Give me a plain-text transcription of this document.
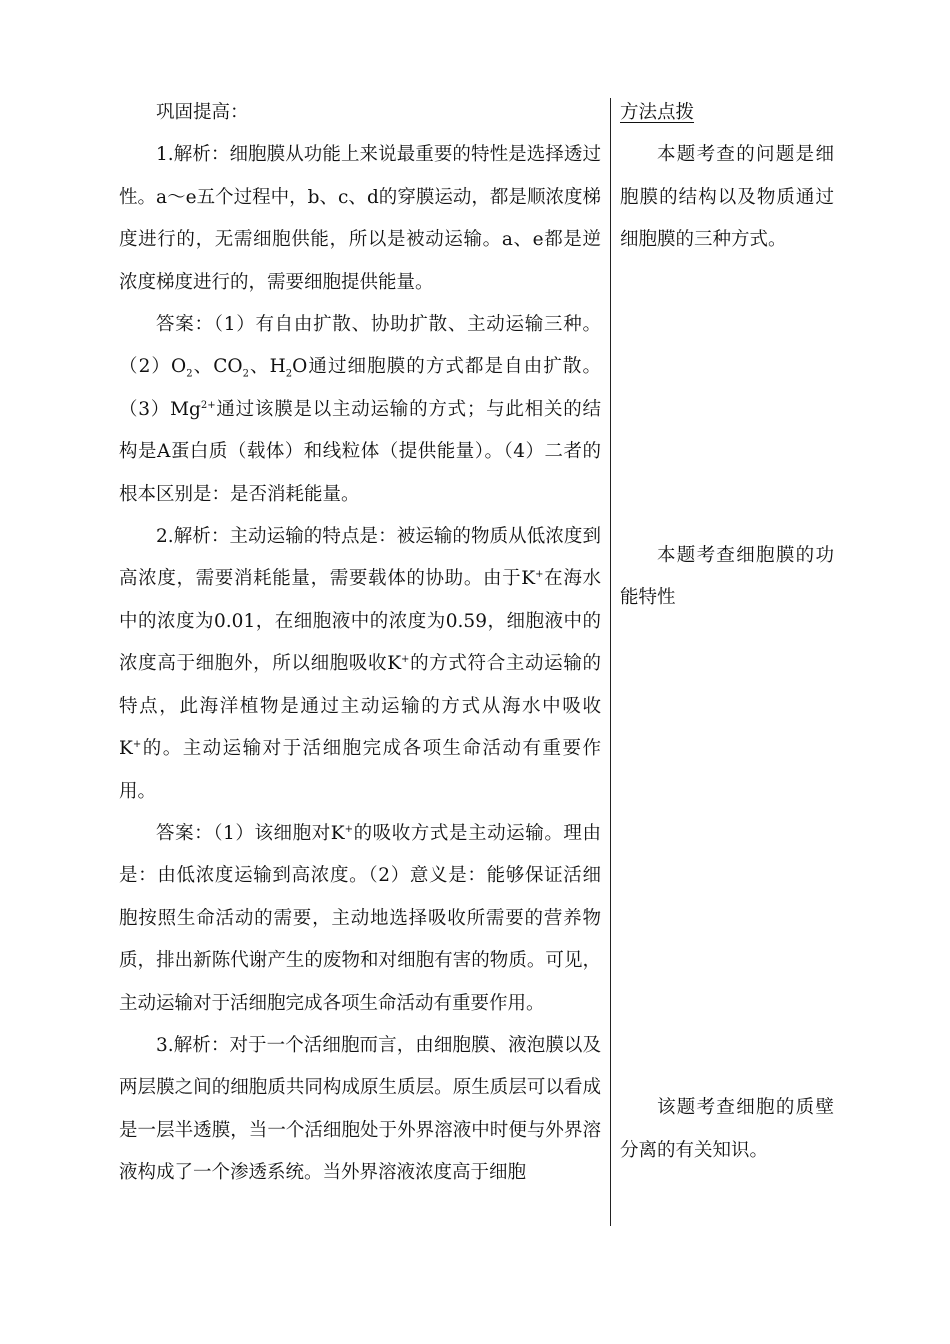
巩固提高：

1.解析：细胞膜从功能上来说最重要的特性是选择透过性。a～e五个过程中，b、c、d的穿膜运动，都是顺浓度梯度进行的，无需细胞供能，所以是被动运输。a、e都是逆浓度梯度进行的，需要细胞提供能量。

答案：（1）有自由扩散、协助扩散、主动运输三种。$(2)O_2$、$CO_2$、$H_2O$通过细胞膜的方式都是自由扩散。$(3)Mg^{2+}$通过该膜是以主动运输的方式；与此相关的结构是A蛋白质（载体）和线粒体（提供能量）。（4）二者的根本区别是：是否消耗能量。

2.解析：主动运输的特点是：被运输的物质从低浓度到高浓度，需要消耗能量，需要载体的协助。由于K+在海水中的浓度为0.01，在细胞液中的浓度为0.59，细胞液中的浓度高于细胞外，所以细胞吸收K+的方式符合主动运输的特点，此海洋植物是通过主动运输的方式从海水中吸收K+的。主动运输对于活细胞完成各项生命活动有重要作用。

答案：（1）该细胞对K+的吸收方式是主动运输。理由是：由低浓度运输到高浓度。（2）意义是：能够保证活细胞按照生命活动的需要，主动地选择吸收所需要的营养物质，排出新陈代谢产生的废物和对细胞有害的物质。可见，主动运输对于活细胞完成各项生命活动有重要作用。

3.解析：对于一个活细胞而言，由细胞膜、液泡膜以及两层膜之间的细胞质共同构成原生质层。原生质层可以看成是一层半透膜，当一个活细胞处于外界溶液中时便与外界溶液构成了一个渗透系统。当外界溶液浓度高于细胞

方法点拨

本题考查的问题是细胞膜的结构以及物质通过细胞膜的三种方式。

本题考查细胞膜的功能特性

该题考查细胞的质壁分离的有关知识。
